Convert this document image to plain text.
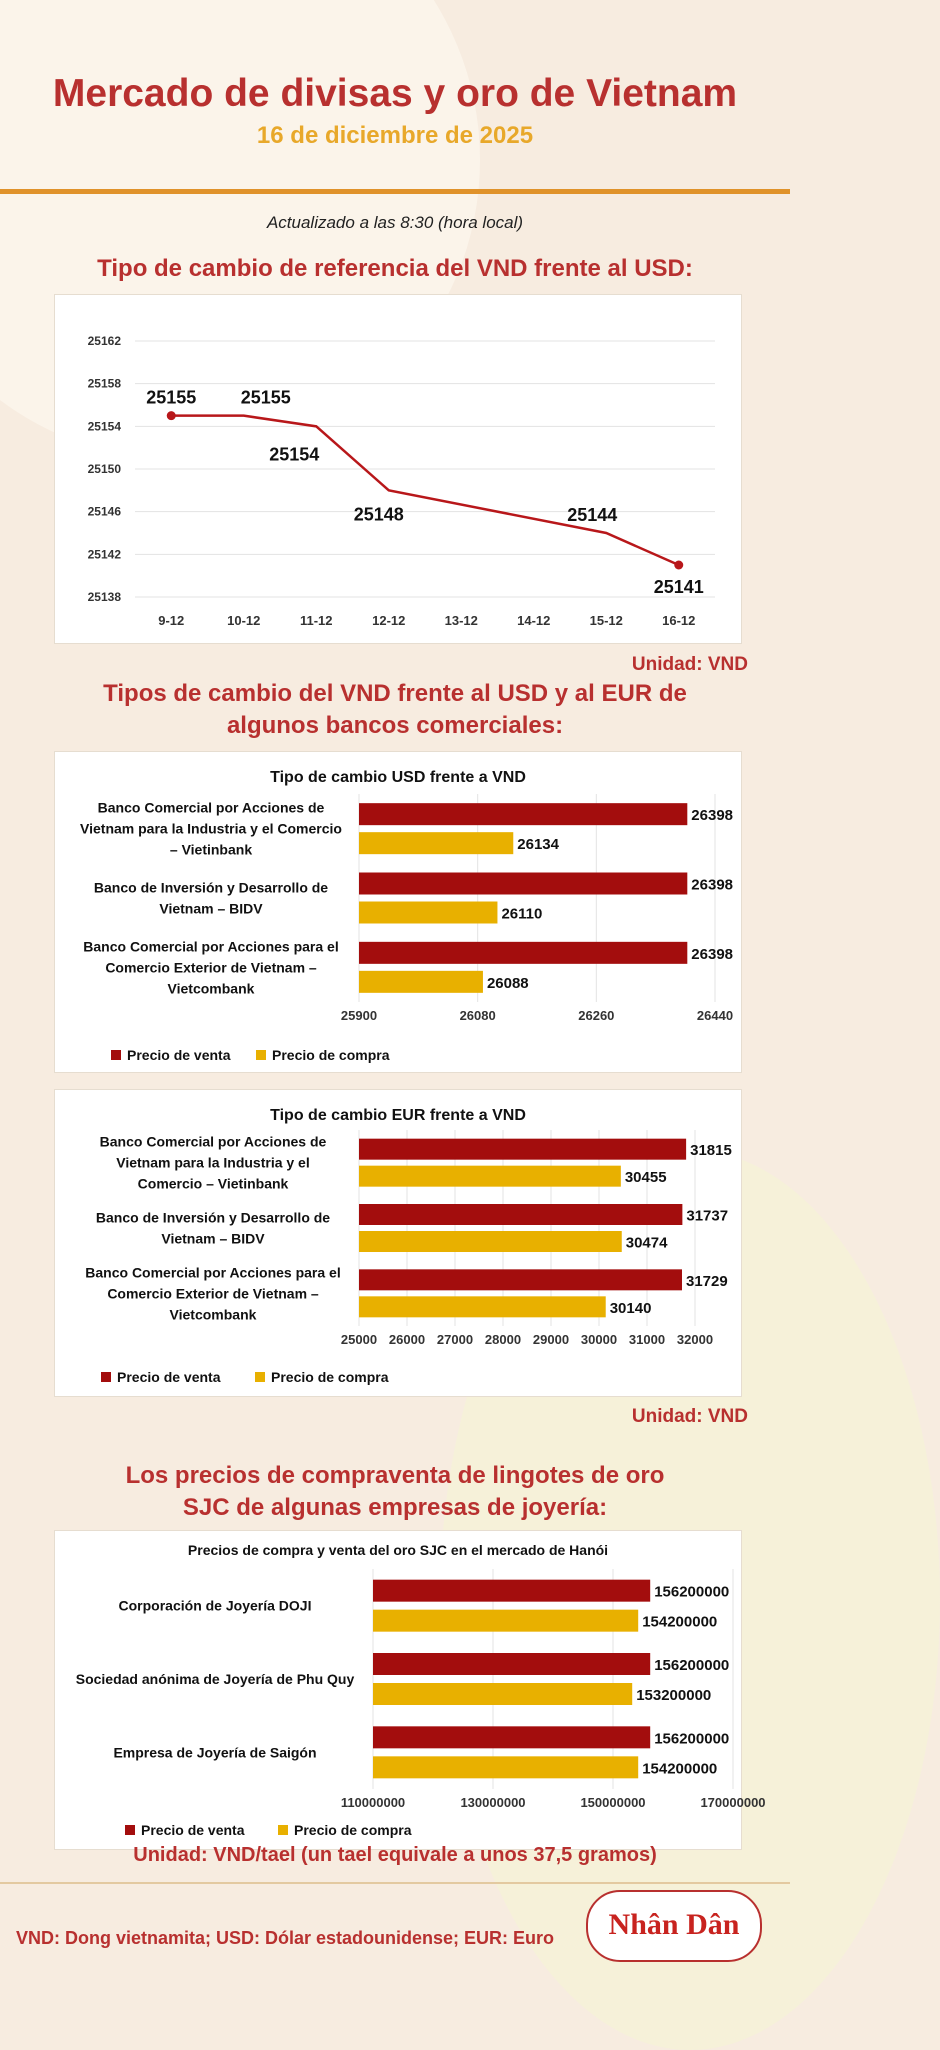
Mercado de divisas y oro de Vietnam
16 de diciembre de 2025
Actualizado a las 8:30 (hora local)
Tipo de cambio de referencia del VND frente al USD:
25138
25142
25146
25150
25154
25158
25162
9-12	10-12	11-12	12-12	13-12	14-12	15-12	16-12
25155 25155
25154
25148	25144
25141
Unidad: VND
Tipos de cambio del VND frente al USD y al EUR de
algunos bancos comerciales:
Tipo de cambio USD frente a VND
25900	26080	26260	26440
26398
26134
Banco Comercial por Acciones de
Vietnam para la Industria y el Comercio
– Vietinbank
26398
26110
Banco de Inversión y Desarrollo de
Vietnam – BIDV
26398
26088
Banco Comercial por Acciones para el
Comercio Exterior de Vietnam –
Vietcombank
Precio de venta	Precio de compra
Tipo de cambio EUR frente a VND
25000 26000 27000 28000 29000 30000 31000 32000
31815
30455
Banco Comercial por Acciones de
Vietnam para la Industria y el
Comercio – Vietinbank
31737
30474
Banco de Inversión y Desarrollo de
Vietnam – BIDV
31729
30140
Banco Comercial por Acciones para el
Comercio Exterior de Vietnam –
Vietcombank
Precio de venta	Precio de compra
Unidad: VND
Los precios de compraventa de lingotes de oro
SJC de algunas empresas de joyería:
Precios de compra y venta del oro SJC en el mercado de Hanói
110000000	130000000	150000000	170000000
156200000
154200000
Corporación de Joyería DOJI
156200000
153200000
Sociedad anónima de Joyería de Phu Quy
156200000
154200000
Empresa de Joyería de Saigón
Precio de venta	Precio de compra
Unidad: VND/tael (un tael equivale a unos 37,5 gramos)
VND: Dong vietnamita; USD: Dólar estadounidense; EUR: Euro	Nhân Dân
